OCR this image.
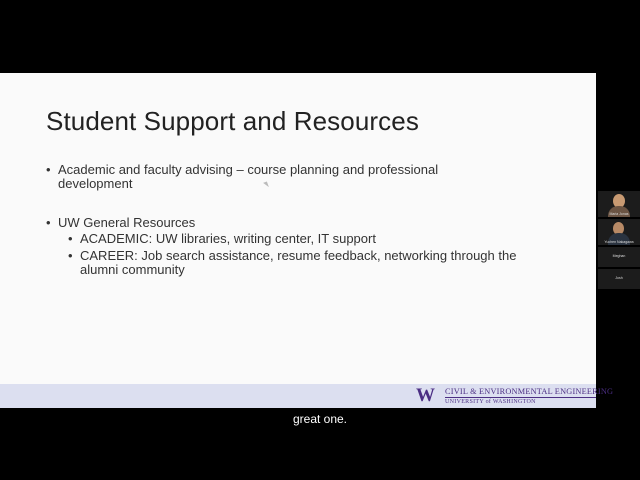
Student Support and Resources
• Academic and faculty advising – course planning and professional
development
• UW General Resources
• ACADEMIC: UW libraries, writing center, IT support
• CAREER: Job search assistance, resume feedback, networking through the
alumni community
W CIVIL & ENVIRONMENTAL ENGINEERING
UNIVERSITY of WASHINGTON
great one.
Maria Jonas
Yuchen Nakagawa
Meghan
Josh
